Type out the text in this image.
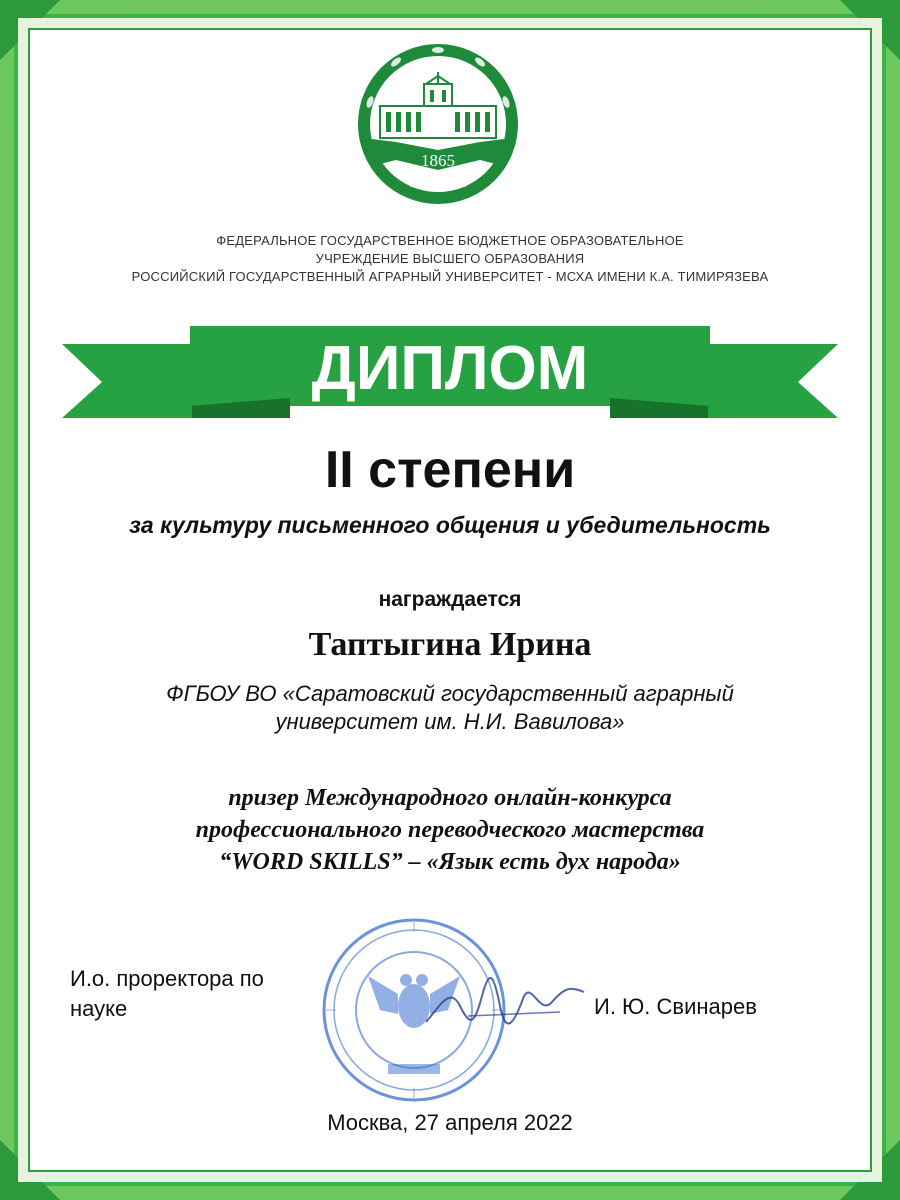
1865
РГАУ-МСХА
ФЕДЕРАЛЬНОЕ ГОСУДАРСТВЕННОЕ БЮДЖЕТНОЕ ОБРАЗОВАТЕЛЬНОЕ
УЧРЕЖДЕНИЕ ВЫСШЕГО ОБРАЗОВАНИЯ
РОССИЙСКИЙ ГОСУДАРСТВЕННЫЙ АГРАРНЫЙ УНИВЕРСИТЕТ - МСХА ИМЕНИ К.А. ТИМИРЯЗЕВА
ДИПЛОМ
II степени
за культуру письменного общения и убедительность
награждается
Таптыгина Ирина
ФГБОУ ВО «Саратовский государственный аграрный
университет им. Н.И. Вавилова»
призер Международного онлайн-конкурса
профессионального переводческого мастерства
“WORD SKILLS” – «Язык есть дух народа»
И.о. проректора по
науке	И. Ю. Свинарев
Москва, 27 апреля 2022
